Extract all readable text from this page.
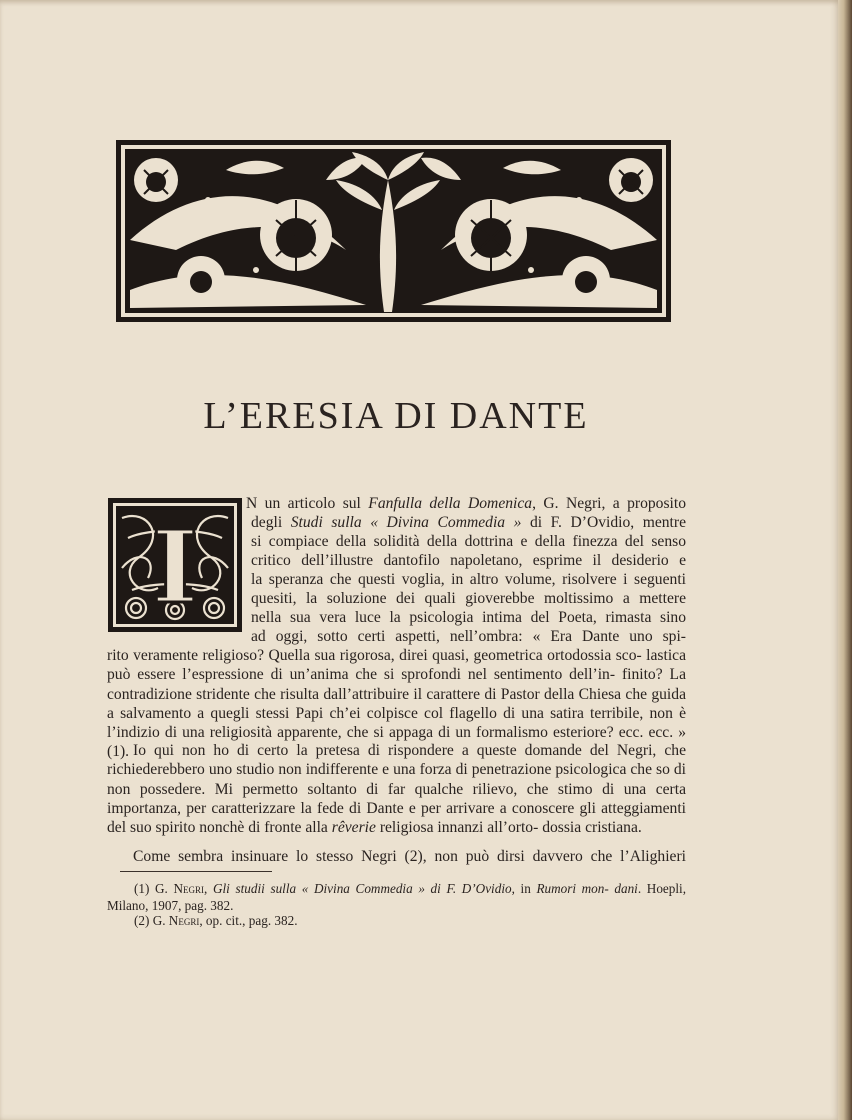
L’ERESIA DI DANTE
I

N un articolo sul Fanfulla della Domenica, G. Negri, a proposito

degli Studi sulla « Divina Commedia » di F. D’Ovidio, mentre

si compiace della solidità della dottrina e della finezza del senso

critico dell’illustre dantofilo napoletano, esprime il desiderio e

la speranza che questi voglia, in altro volume, risolvere i seguenti

quesiti, la soluzione dei quali gioverebbe moltissimo a mettere

nella sua vera luce la psicologia intima del Poeta, rimasta sino

ad oggi, sotto certi aspetti, nell’ombra: « Era Dante uno spi-

rito veramente religioso? Quella sua rigorosa, direi quasi, geometrica ortodossia sco- lastica può essere l’espressione di un’anima che si sprofondi nel sentimento dell’in- finito? La contradizione stridente che risulta dall’attribuire il carattere di Pastor della Chiesa che guida a salvamento a quegli stessi Papi ch’ei colpisce col flagello di una satira terribile, non è l’indizio di una religiosità apparente, che si appaga di un formalismo esteriore? ecc. ecc. » (1). Io qui non ho di certo la pretesa di rispondere a queste domande del Negri, che richiederebbero uno studio non indifferente e una forza di penetrazione psicologica che so di non possedere. Mi permetto soltanto di far qualche rilievo, che stimo di una certa importanza, per caratterizzare la fede di Dante e per arrivare a conoscere gli atteggiamenti del suo spirito nonchè di fronte alla rêverie religiosa innanzi all’orto- dossia cristiana.

Come sembra insinuare lo stesso Negri (2), non può dirsi davvero che l’Alighieri

(1) G. Negri, Gli studii sulla « Divina Commedia » di F. D’Ovidio, in Rumori mon- dani. Hoepli, Milano, 1907, pag. 382.

(2) G. Negri, op. cit., pag. 382.
